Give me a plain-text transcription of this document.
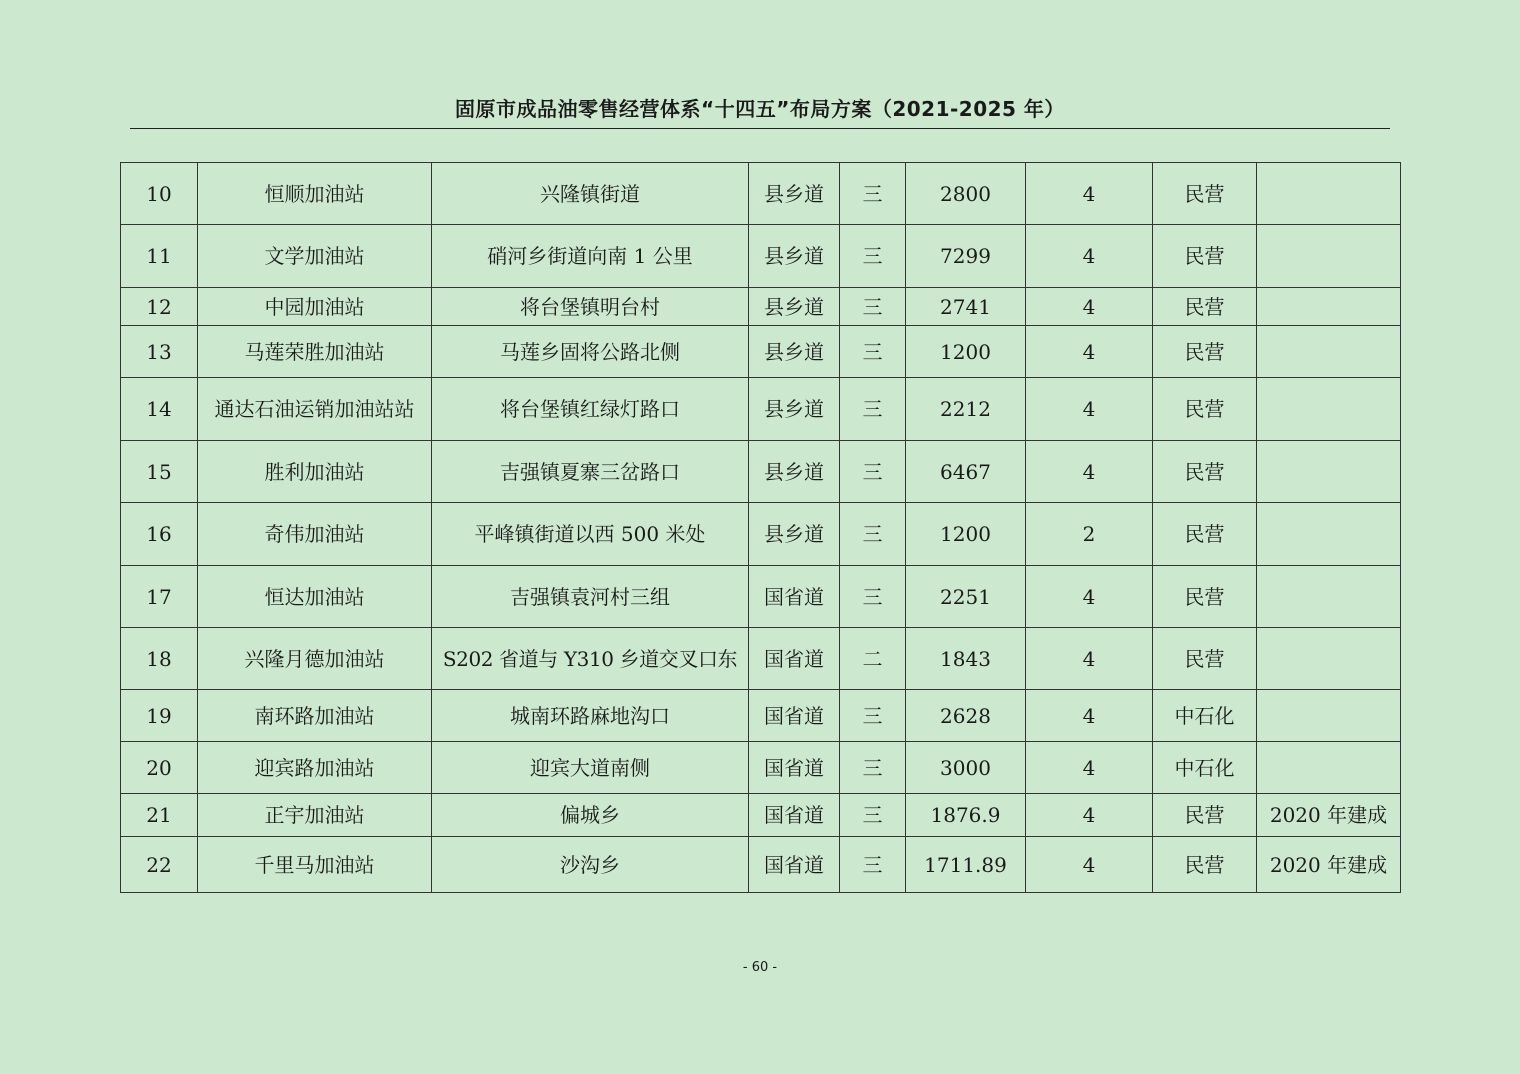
固原市成品油零售经营体系“十四五”布局方案（2021-2025 年）
10	恒顺加油站	兴隆镇街道	县乡道	三	2800	4	民营	
11	文学加油站	硝河乡街道向南 1 公里	县乡道	三	7299	4	民营	
12	中园加油站	将台堡镇明台村	县乡道	三	2741	4	民营	
13	马莲荣胜加油站	马莲乡固将公路北侧	县乡道	三	1200	4	民营	
14	通达石油运销加油站站	将台堡镇红绿灯路口	县乡道	三	2212	4	民营	
15	胜利加油站	吉强镇夏寨三岔路口	县乡道	三	6467	4	民营	
16	奇伟加油站	平峰镇街道以西 500 米处	县乡道	三	1200	2	民营	
17	恒达加油站	吉强镇袁河村三组	国省道	三	2251	4	民营	
18	兴隆月德加油站	S202 省道与 Y310 乡道交叉口东	国省道	二	1843	4	民营	
19	南环路加油站	城南环路麻地沟口	国省道	三	2628	4	中石化	
20	迎宾路加油站	迎宾大道南侧	国省道	三	3000	4	中石化	
21	正宇加油站	偏城乡	国省道	三	1876.9	4	民营	2020 年建成
22	千里马加油站	沙沟乡	国省道	三	1711.89	4	民营	2020 年建成
- 60 -
